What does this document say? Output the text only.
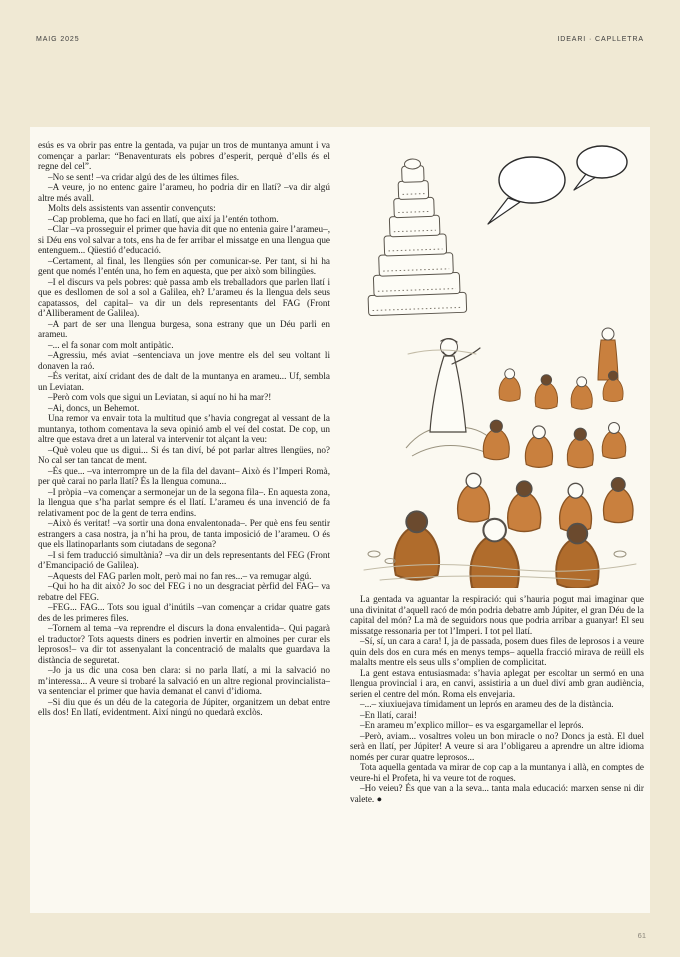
MAIG 2025	IDEARI · CAPLLETRA

esús es va obrir pas entre la gentada, va pujar un tros de muntanya amunt i va començar a parlar: “Benaventurats els pobres d’esperit, perquè d’ells és el regne del cel”.

–No se sent! –va cridar algú des de les últimes files.

–A veure, jo no entenc gaire l’arameu, ho podria dir en llatí? –va dir algú altre més avall.

Molts dels assistents van assentir convençuts:

–Cap problema, que ho faci en llatí, que així ja l’entén tothom.

–Clar –va prosseguir el primer que havia dit que no entenia gaire l’arameu–, si Déu ens vol salvar a tots, ens ha de fer arribar el missatge en una llengua que entenguem... Qüestió d’educació.

–Certament, al final, les llengües són per comunicar-se. Per tant, si hi ha gent que només l’entén una, ho fem en aquesta, que per això som bilingües.

–I el discurs va pels pobres: què passa amb els treballadors que parlen llatí i que es desllomen de sol a sol a Galilea, eh? L’arameu és la llengua dels seus capatassos, del capital– va dir un dels representants del FAG (Front d’Alliberament de Galilea).

–A part de ser una llengua burgesa, sona estrany que un Déu parli en arameu.

–... el fa sonar com molt antipàtic.

–Agressiu, més aviat –sentenciava un jove mentre els del seu voltant li donaven la raó.

–És veritat, així cridant des de dalt de la muntanya en arameu... Uf, sembla un Leviatan.

–Però com vols que sigui un Leviatan, si aquí no hi ha mar?!

–Ai, doncs, un Behemot.

Una remor va envair tota la multitud que s’havia congregat al vessant de la muntanya, tothom comentava la seva opinió amb el veí del costat. De cop, un altre que estava dret a un lateral va intervenir tot alçant la veu:

–Què voleu que us digui... Si és tan diví, bé pot parlar altres llengües, no? No cal ser tan tancat de ment.

–És que... –va interrompre un de la fila del davant– Això és l’Imperi Romà, per què carai no parla llatí? És la llengua comuna...

–I pròpia –va començar a sermonejar un de la segona fila–. En aquesta zona, la llengua que s’ha parlat sempre és el llatí. L’arameu és una invenció de fa relativament poc de la gent de terra endins.

–Això és veritat! –va sortir una dona envalentonada–. Per què ens feu sentir estrangers a casa nostra, ja n’hi ha prou, de tanta imposició de l’arameu. O és que els llatinoparlants som ciutadans de segona?

–I si fem traducció simultània? –va dir un dels representants del FEG (Front d’Emancipació de Galilea).

–Aquests del FAG parlen molt, però mai no fan res...– va remugar algú.

–Qui ho ha dit això? Jo soc del FEG i no un desgraciat pèrfid del FAG– va rebatre del FEG.

–FEG... FAG... Tots sou igual d’inútils –van començar a cridar quatre gats des de les primeres files.

–Tornem al tema –va reprendre el discurs la dona envalentida–. Qui pagarà el traductor? Tots aquests diners es podrien invertir en almoines per curar els leprosos!– va dir tot assenyalant la concentració de malalts que guardava la distància de seguretat.

–Jo ja us dic una cosa ben clara: si no parla llatí, a mi la salvació no m’interessa... A veure si trobaré la salvació en un altre regional provincialista– va sentenciar el primer que havia demanat el canvi d’idioma.

–Si diu que és un déu de la categoria de Júpiter, organitzem un debat entre ells dos! En llatí, evidentment. Així ningú no quedarà exclòs.

La gentada va aguantar la respiració: qui s’hauria pogut mai imaginar que una divinitat d’aquell racó de món podria debatre amb Júpiter, el gran Déu de la capital del món? La mà de seguidors nous que podria arribar a guanyar! El seu missatge ressonaria per tot l’Imperi. I tot pel llatí.

–Sí, sí, un cara a cara! I, ja de passada, posem dues files de leprosos i a veure quin dels dos en cura més en menys temps– aquella fracció mirava de reüll els malalts mentre els seus ulls s’omplien de complicitat.

La gent estava entusiasmada: s’havia aplegat per escoltar un sermó en una llengua provincial i ara, en canvi, assistiria a un duel diví amb gran audiència, serien el centre del món. Roma els envejaria.

–...– xiuxiuejava tímidament un leprós en arameu des de la distància.

–En llatí, carai!

–En arameu m’explico millor– es va esgargamellar el leprós.

–Però, aviam... vosaltres voleu un bon miracle o no? Doncs ja està. El duel serà en llatí, per Júpiter! A veure si ara l’obligareu a aprendre un altre idioma només per curar quatre leprosos...

Tota aquella gentada va mirar de cop cap a la muntanya i allà, en comptes de veure-hi el Profeta, hi va veure tot de roques.

–Ho veieu? És que van a la seva... tanta mala educació: marxen sense ni dir valete. ●

61
